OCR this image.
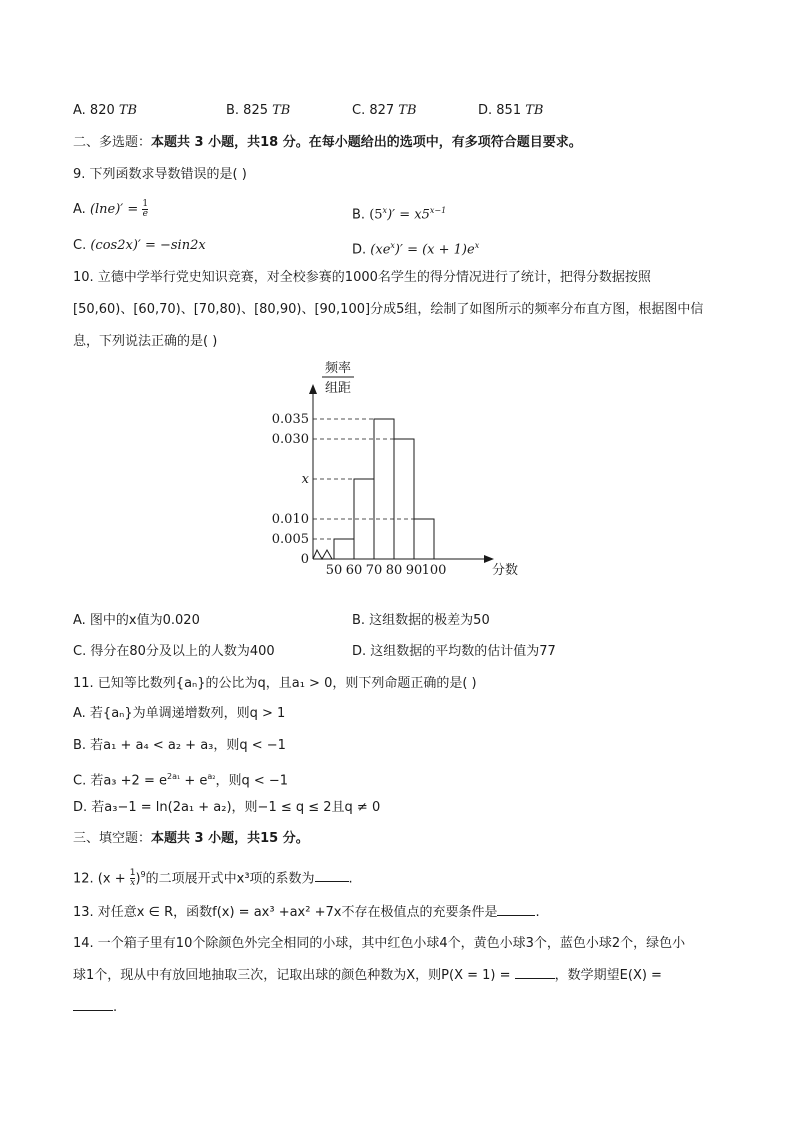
A. 820 TB	B. 825 TB	C. 827 TB	D. 851 TB
二、多选题：本题共 3 小题，共18 分。在每小题给出的选项中，有多项符合题目要求。
9. 下列函数求导数错误的是( )
A. $(\ln e)' = \frac{1}{e}$	B. $(5^x)' = x5^{x-1}$
C. (cos2x)′ = −sin2x	D. $(xe^x)' = (x + 1)e^x$
10. 立德中学举行党史知识竞赛，对全校参赛的1000名学生的得分情况进行了统计，把得分数据按照
[50,60)、[60,70)、[70,80)、[80,90)、[90,100]分成5组，绘制了如图所示的频率分布直方图，根据图中信
息，下列说法正确的是( )
频率
组距
分数
0.035
0.030
x
0.010
0.005
0
50 60 70 80 90 100
A. 图中的x值为0.020	B. 这组数据的极差为50
C. 得分在80分及以上的人数为400	D. 这组数据的平均数的估计值为77
11. 已知等比数列{aₙ}的公比为q，且a₁ > 0，则下列命题正确的是( )
A. 若{aₙ}为单调递增数列，则q > 1
B. 若a₁ + a₄ < a₂ + a₃，则q < −1
C. 若$a_3 +2 = e^{2a_1} + e^{a_2}$，则q < −1
D. 若a₃−1 = ln(2a₁ + a₂)，则−1 ≤ q ≤ 2且q ≠ 0
三、填空题：本题共 3 小题，共15 分。
12. $(x + \frac{1}{x} )^9$的二项展开式中x³项的系数为	.
13. 对任意x ∈ R，函数f(x) = ax³ +ax² +7x不存在极值点的充要条件是	.
14. 一个箱子里有10个除颜色外完全相同的小球，其中红色小球4个，黄色小球3个，蓝色小球2个，绿色小
球1个，现从中有放回地抽取三次，记取出球的颜色种数为X，则P(X = 1) =	，数学期望E(X) =
.
